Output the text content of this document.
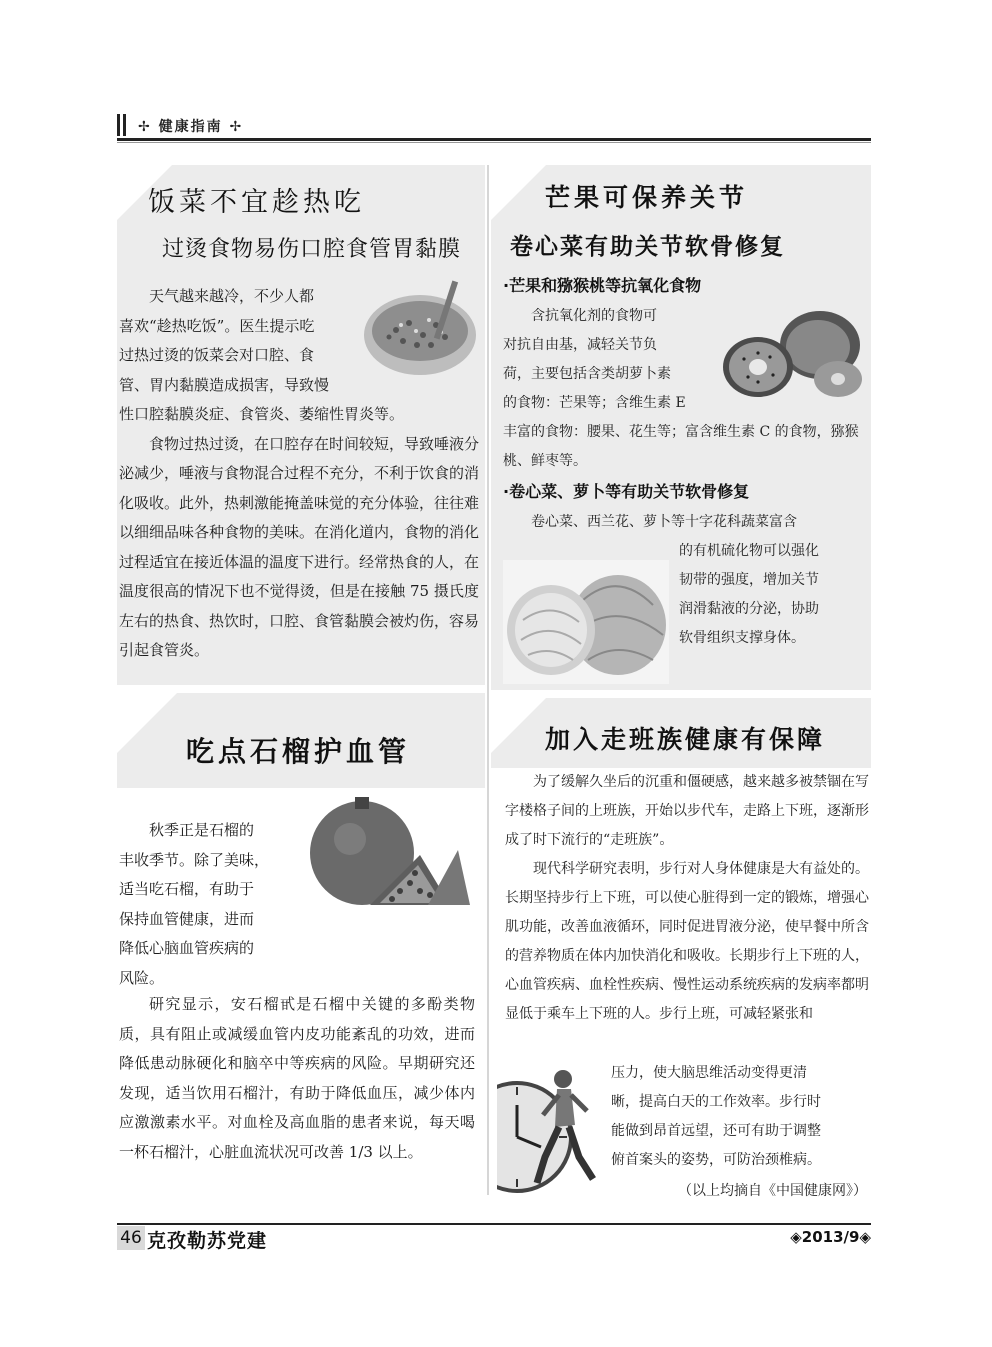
✢ 健康指南 ✢
饭菜不宜趁热吃
过烫食物易伤口腔食管胃黏膜

天气越来越冷，不少人都

喜欢“趁热吃饭”。医生提示吃
过热过烫的饭菜会对口腔、食
管、胃内黏膜造成损害，导致慢
性口腔黏膜炎症、食管炎、萎缩性胃炎等。

食物过热过烫，在口腔存在时间较短，导致唾液分泌减少，唾液与食物混合过程不充分，不利于饮食的消化吸收。此外，热刺激能掩盖味觉的充分体验，往往难以细细品味各种食物的美味。在消化道内，食物的消化过程适宜在接近体温的温度下进行。经常热食的人，在温度很高的情况下也不觉得烫，但是在接触 75 摄氏度左右的热食、热饮时，口腔、食管黏膜会被灼伤，容易引起食管炎。

芒果可保养关节
卷心菜有助关节软骨修复
·芒果和猕猴桃等抗氧化食物

含抗氧化剂的食物可

对抗自由基，减轻关节负
荷，主要包括含类胡萝卜素
的食物：芒果等；含维生素 E
丰富的食物：腰果、花生等；富含维生素 C 的食物，猕猴桃、鲜枣等。
·卷心菜、萝卜等有助关节软骨修复

卷心菜、西兰花、萝卜等十字花科蔬菜富含

的有机硫化物可以强化
韧带的强度，增加关节
润滑黏液的分泌，协助
软骨组织支撑身体。
吃点石榴护血管

秋季正是石榴的

丰收季节。除了美味，
适当吃石榴，有助于
保持血管健康，进而
降低心脑血管疾病的
风险。

研究显示，安石榴甙是石榴中关键的多酚类物质，具有阻止或减缓血管内皮功能紊乱的功效，进而降低患动脉硬化和脑卒中等疾病的风险。早期研究还发现，适当饮用石榴汁，有助于降低血压，减少体内应激激素水平。对血栓及高血脂的患者来说，每天喝一杯石榴汁，心脏血流状况可改善 1/3 以上。

加入走班族健康有保障

为了缓解久坐后的沉重和僵硬感，越来越多被禁锢在写字楼格子间的上班族，开始以步代车，走路上下班，逐渐形成了时下流行的“走班族”。

现代科学研究表明，步行对人身体健康是大有益处的。长期坚持步行上下班，可以使心脏得到一定的锻炼，增强心肌功能，改善血液循环，同时促进胃液分泌，使早餐中所含的营养物质在体内加快消化和吸收。长期步行上下班的人，心血管疾病、血栓性疾病、慢性运动系统疾病的发病率都明显低于乘车上下班的人。步行上班，可减轻紧张和

压力，使大脑思维活动变得更清
晰，提高白天的工作效率。步行时
能做到昂首远望，还可有助于调整
俯首案头的姿势，可防治颈椎病。
（以上均摘自《中国健康网》）
46 克孜勒苏党建	◈2013/9◈
